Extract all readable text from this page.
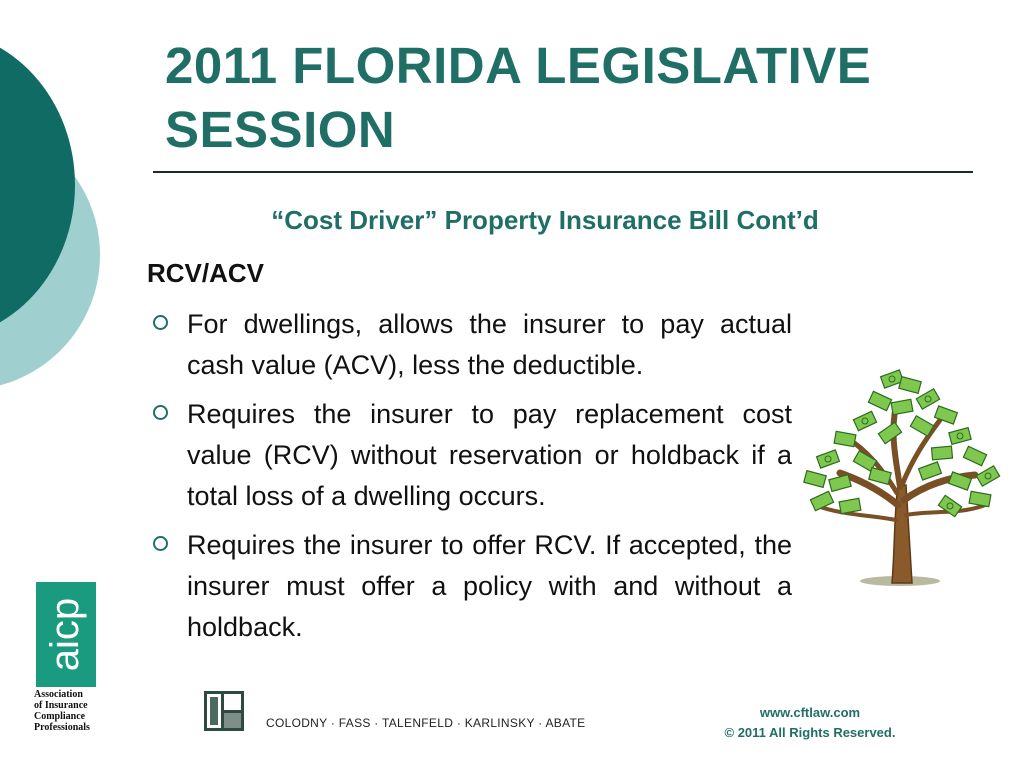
2011 FLORIDA LEGISLATIVE
SESSION
“Cost Driver” Property Insurance Bill Cont’d
RCV/ACV
For dwellings, allows the insurer to pay actual cash value (ACV), less the deductible.
Requires the insurer to pay replacement cost value (RCV) without reservation or holdback if a total loss of a dwelling occurs.
Requires the insurer to offer RCV. If accepted, the insurer must offer a policy with and without a holdback.
aicp
Association
of Insurance
Compliance
Professionals	COLODNY · FASS · TALENFELD · KARLINSKY · ABATE
www.cftlaw.com
© 2011 All Rights Reserved.
